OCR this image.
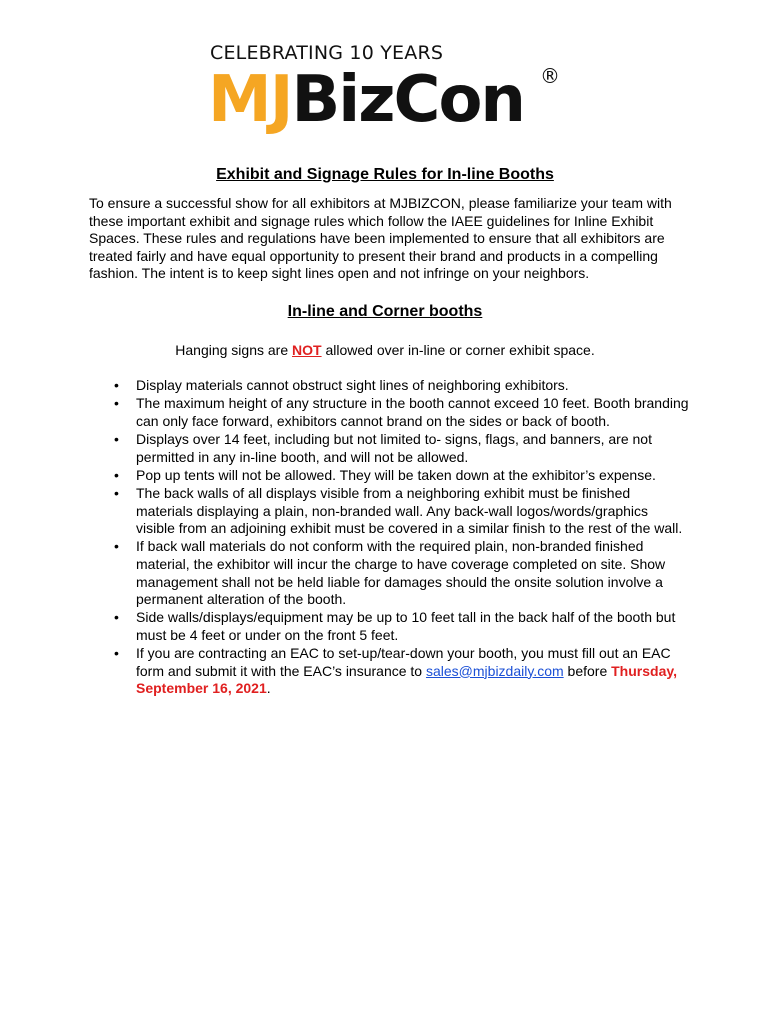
CELEBRATING 10 YEARS
MJBizCon ®
Exhibit and Signage Rules for In-line Booths
To ensure a successful show for all exhibitors at MJBIZCON, please familiarize your team with these important exhibit and signage rules which follow the IAEE guidelines for Inline Exhibit Spaces. These rules and regulations have been implemented to ensure that all exhibitors are treated fairly and have equal opportunity to present their brand and products in a compelling fashion. The intent is to keep sight lines open and not infringe on your neighbors.
In-line and Corner booths
Hanging signs are NOT allowed over in-line or corner exhibit space.
• Display materials cannot obstruct sight lines of neighboring exhibitors.
• The maximum height of any structure in the booth cannot exceed 10 feet. Booth branding can only face forward, exhibitors cannot brand on the sides or back of booth.
• Displays over 14 feet, including but not limited to- signs, flags, and banners, are not permitted in any in-line booth, and will not be allowed.
• Pop up tents will not be allowed. They will be taken down at the exhibitor’s expense.
• The back walls of all displays visible from a neighboring exhibit must be finished materials displaying a plain, non-branded wall. Any back-wall logos/words/graphics visible from an adjoining exhibit must be covered in a similar finish to the rest of the wall.
• If back wall materials do not conform with the required plain, non-branded finished material, the exhibitor will incur the charge to have coverage completed on site. Show management shall not be held liable for damages should the onsite solution involve a permanent alteration of the booth.
• Side walls/displays/equipment may be up to 10 feet tall in the back half of the booth but must be 4 feet or under on the front 5 feet.
• If you are contracting an EAC to set-up/tear-down your booth, you must fill out an EAC form and submit it with the EAC’s insurance to sales@mjbizdaily.com before Thursday, September 16, 2021.
